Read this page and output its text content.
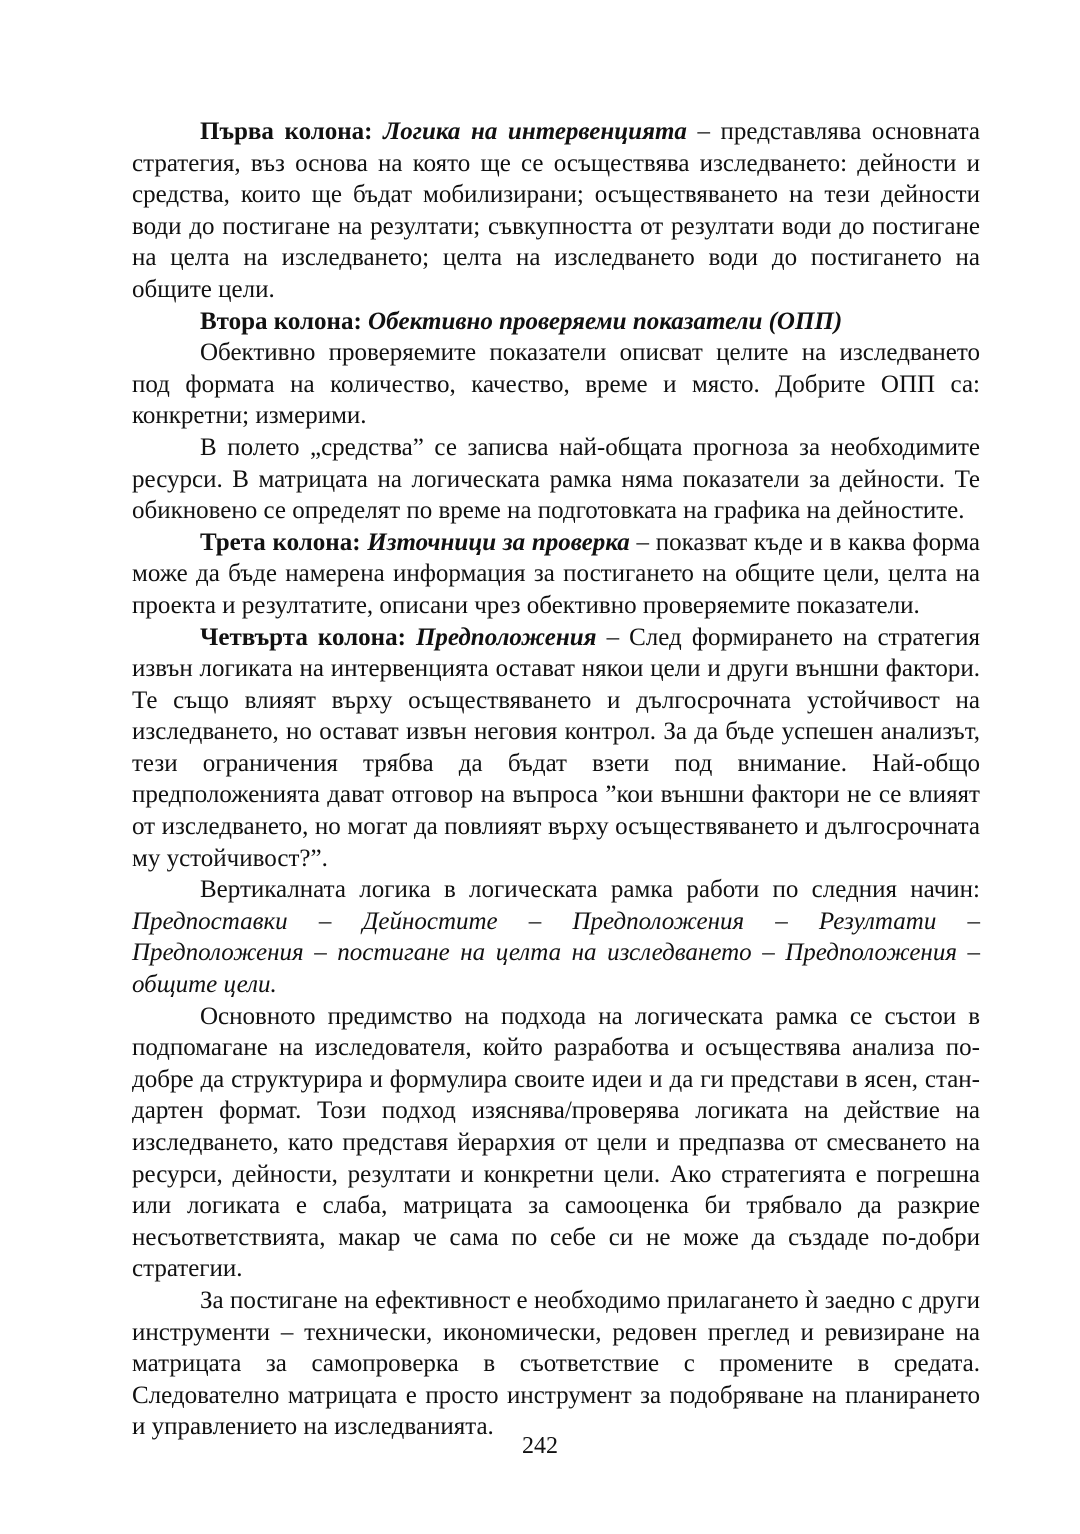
Първа колона: Логика на интервенцията – представлява основната стратегия, въз основа на която ще се осъществява изследването: дейности и средства, които ще бъдат мобилизирани; осъществяването на тези дейности води до постигане на резултати; съвкупността от резултати води до постигане на целта на изследването; целта на изследването води до постигането на общите цели.

Втора колона: Обективно проверяеми показатели (ОПП)

Обективно проверяемите показатели описват целите на изследването под формата на количество, качество, време и място. Добрите ОПП са: конкретни; измерими.

В полето „средства” се записва най-общата прогноза за необходимите ресурси. В матрицата на логическата рамка няма показатели за дейности. Те обикновено се определят по време на подготовката на графика на дейностите.

Трета колона: Източници за проверка – показват къде и в каква форма може да бъде намерена информация за постигането на общите цели, целта на проекта и резултатите, описани чрез обективно проверяемите показатели.

Четвърта колона: Предположения – След формирането на стратегия извън логиката на интервенцията остават някои цели и други външни фактори. Те също влияят върху осъществяването и дългосрочната устойчивост на изследването, но остават извън неговия контрол. За да бъде успешен анализът, тези ограничения трябва да бъдат взети под внимание. Най-общо предположенията дават отговор на въпроса ”кои външни фактори не се влияят от изследването, но могат да повлияят върху осъществяването и дългосрочната му устойчивост?”.

Вертикалната логика в логическата рамка работи по следния начин: Предпоставки – Дейностите – Предположения – Резултати – Предположения – постигане на целта на изследването – Предположения – общите цели.

Основното предимство на подхода на логическата рамка се състои в подпомагане на изследователя, който разработва и осъществява анализа по-добре да структурира и формулира своите идеи и да ги представи в ясен, стандартен формат. Този подход изяснява/проверява логиката на действие на изследването, като представя йерархия от цели и предпазва от смесването на ресурси, дейности, резултати и конкретни цели. Ако стратегията е погрешна или логиката е слаба, матрицата за самооценка би трябвало да разкрие несъответствията, макар че сама по себе си не може да създаде по-добри стратегии.

За постигане на ефективност е необходимо прилагането ѝ заедно с други инструменти – технически, икономически, редовен преглед и ревизиране на матрицата за самопроверка в съответствие с промените в средата. Следователно матрицата е просто инструмент за подобряване на планирането и управлението на изследванията.

242
